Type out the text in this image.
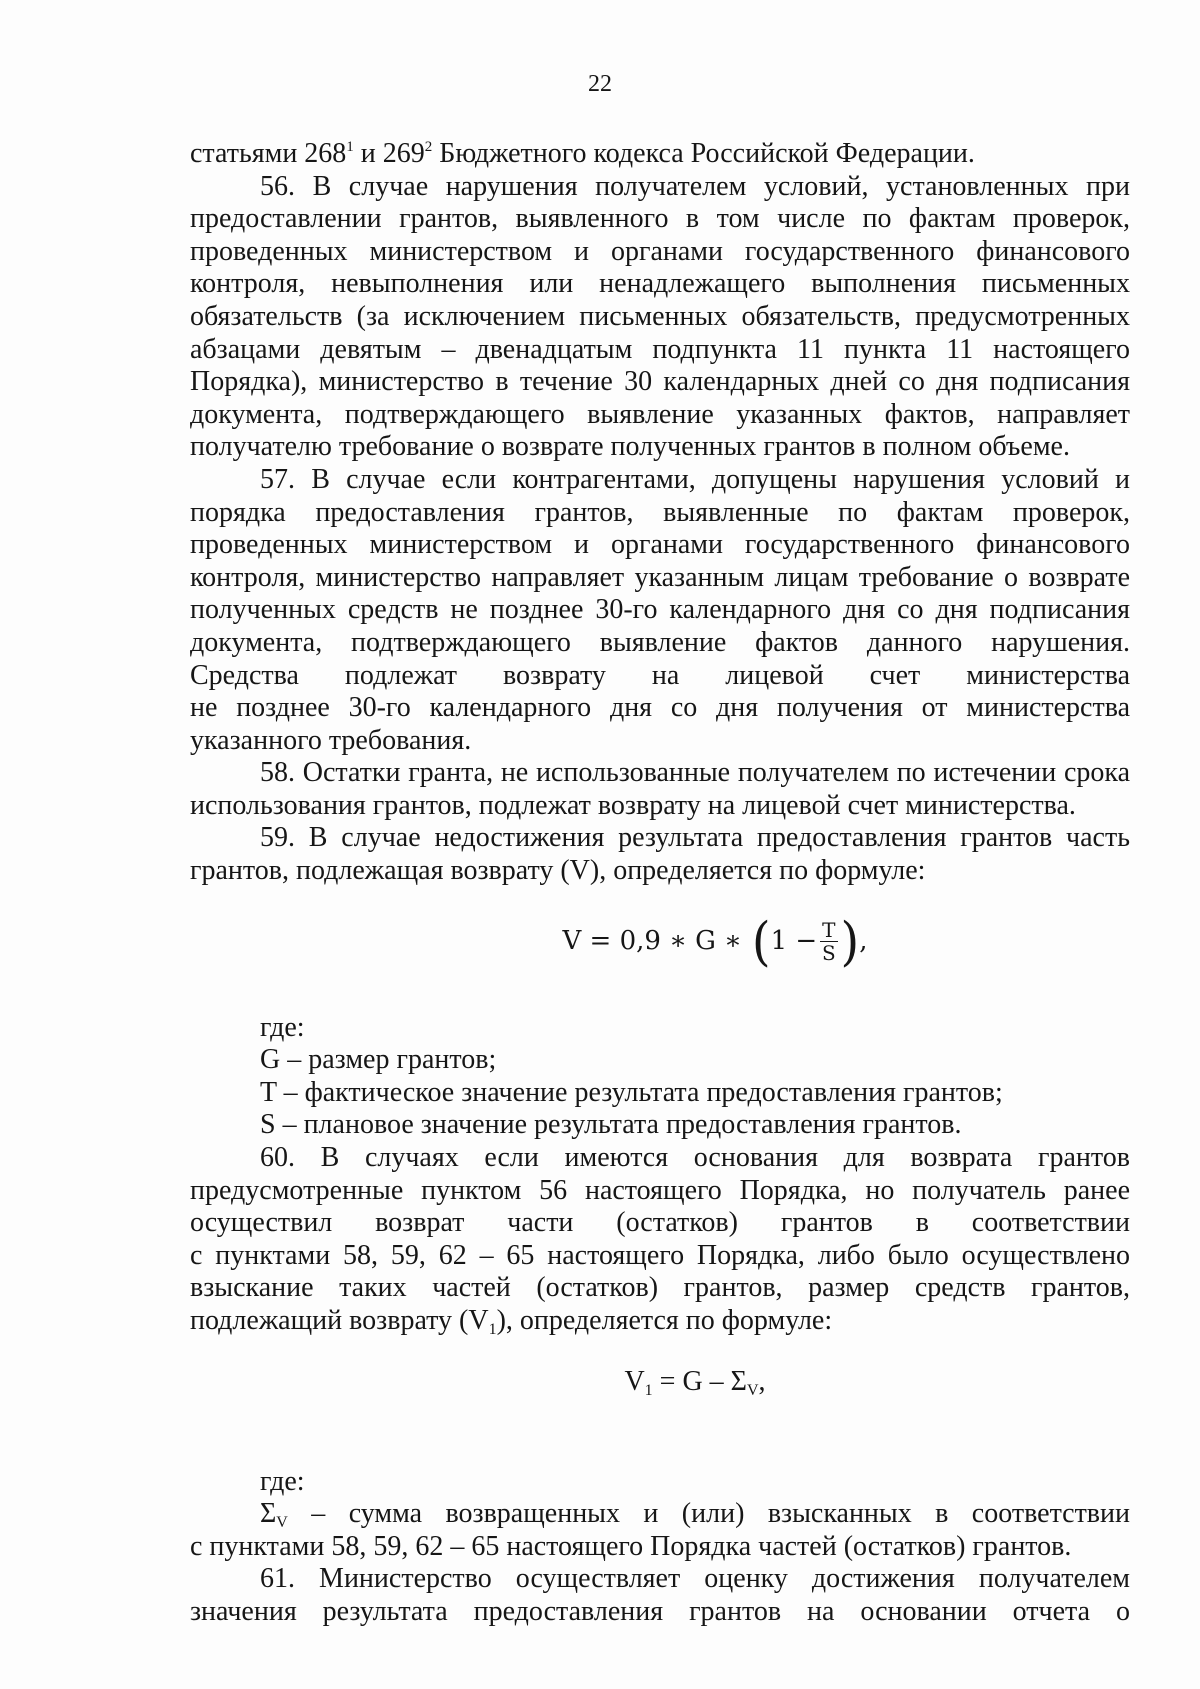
22
статьями $268^1$ и $269^2$ Бюджетного кодекса Российской Федерации.
56. В случае нарушения получателем условий, установленных при
предоставлении грантов, выявленного в том числе по фактам проверок,
проведенных министерством и органами государственного финансового
контроля, невыполнения или ненадлежащего выполнения письменных
обязательств (за исключением письменных обязательств, предусмотренных
абзацами девятым – двенадцатым подпункта 11 пункта 11 настоящего
Порядка), министерство в течение 30 календарных дней со дня подписания
документа, подтверждающего выявление указанных фактов, направляет
получателю требование о возврате полученных грантов в полном объеме.
57. В случае если контрагентами, допущены нарушения условий и
порядка предоставления грантов, выявленные по фактам проверок,
проведенных министерством и органами государственного финансового
контроля, министерство направляет указанным лицам требование о возврате
полученных средств не позднее 30-го календарного дня со дня подписания
документа, подтверждающего выявление фактов данного нарушения.
Средства подлежат возврату на лицевой счет министерства
не позднее 30-го календарного дня со дня получения от министерства
указанного требования.
58. Остатки гранта, не использованные получателем по истечении срока
использования грантов, подлежат возврату на лицевой счет министерства.
59. В случае недостижения результата предоставления грантов часть
грантов, подлежащая возврату (V), определяется по формуле:
V = 0,9 ∗ G ∗ ( $1 - \frac{T}{S}$ ) ,
где:
G – размер грантов;
T – фактическое значение результата предоставления грантов;
S – плановое значение результата предоставления грантов.
60. В случаях если имеются основания для возврата грантов
предусмотренные пунктом 56 настоящего Порядка, но получатель ранее
осуществил возврат части (остатков) грантов в соответствии
с пунктами 58, 59, 62 – 65 настоящего Порядка, либо было осуществлено
взыскание таких частей (остатков) грантов, размер средств грантов,
подлежащий возврату $(V_1)$, определяется по формуле:
$V_1 = G - \Sigma_V$,
где:
$\Sigma_V$ – сумма возвращенных и (или) взысканных в соответствии
с пунктами 58, 59, 62 – 65 настоящего Порядка частей (остатков) грантов.
61. Министерство осуществляет оценку достижения получателем
значения результата предоставления грантов на основании отчета о
